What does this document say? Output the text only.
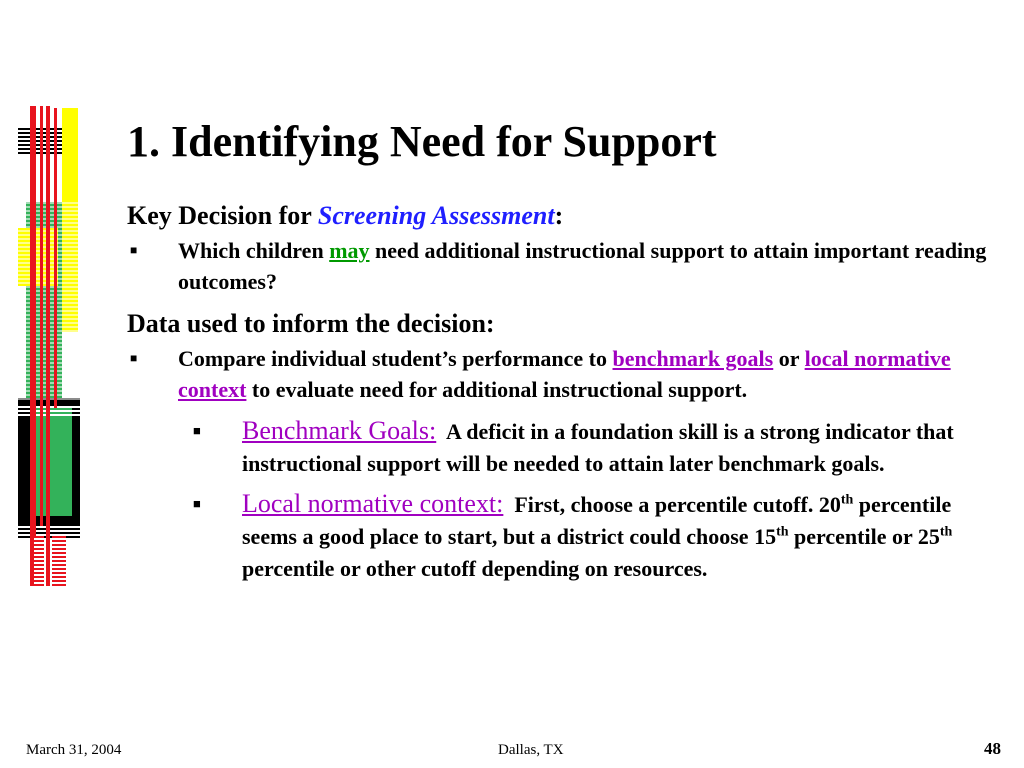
1. Identifying Need for Support

Key Decision for Screening Assessment:

■ Which children may need additional instructional support to attain important reading outcomes?

Data used to inform the decision:

■ Compare individual student’s performance to benchmark goals or local normative context to evaluate need for additional instructional support.

■ Benchmark Goals: A deficit in a foundation skill is a strong indicator that instructional support will be needed to attain later benchmark goals.

■ Local normative context: First, choose a percentile cutoff. 20th percentile seems a good place to start, but a district could choose 15th percentile or 25th percentile or other cutoff depending on resources.

March 31, 2004	Dallas, TX	48
